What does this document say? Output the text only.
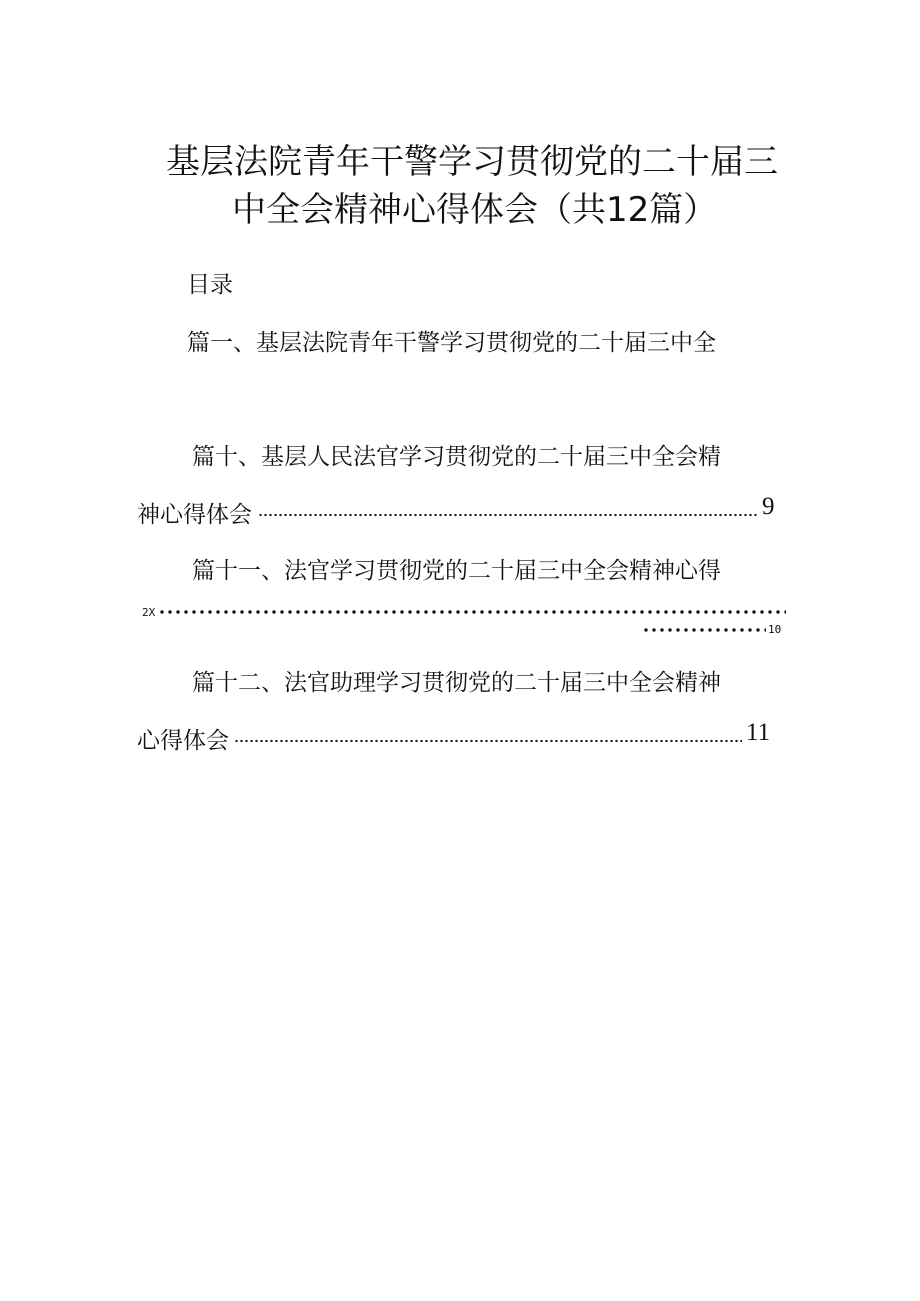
基层法院青年干警学习贯彻党的二十届三
中全会精神心得体会（共12篇）
目录
篇一、基层法院青年干警学习贯彻党的二十届三中全
篇十、基层人民法官学习贯彻党的二十届三中全会精
神心得体会	9
篇十一、法官学习贯彻党的二十届三中全会精神心得
2X
10
篇十二、法官助理学习贯彻党的二十届三中全会精神
心得体会	11
